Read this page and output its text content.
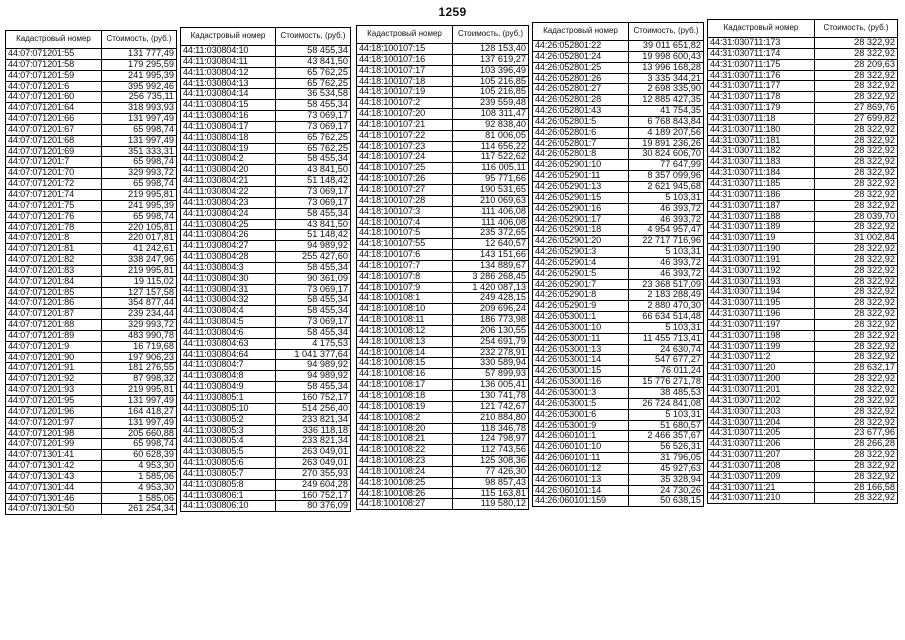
1259
Кадастровый номер	Стоимость, (руб.)
44:07:071201:55	131 777,49
44:07:071201:58	179 295,59
44:07:071201:59	241 995,39
44:07:071201:6	395 992,46
44:07:071201:60	256 735,11
44:07:071201:64	318 993,93
44:07:071201:66	131 997,49
44:07:071201:67	65 998,74
44:07:071201:68	131 997,49
44:07:071201:69	351 333,31
44:07:071201:7	65 998,74
44:07:071201:70	329 993,72
44:07:071201:72	65 998,74
44:07:071201:74	219 995,81
44:07:071201:75	241 995,39
44:07:071201:76	65 998,74
44:07:071201:78	220 105,81
44:07:071201:8	220 017,81
44:07:071201:81	41 242,61
44:07:071201:82	338 247,96
44:07:071201:83	219 995,81
44:07:071201:84	19 115,02
44:07:071201:85	127 157,58
44:07:071201:86	354 877,44
44:07:071201:87	239 234,44
44:07:071201:88	329 993,72
44:07:071201:89	483 990,78
44:07:071201:9	16 719,68
44:07:071201:90	197 906,23
44:07:071201:91	181 276,55
44:07:071201:92	87 998,32
44:07:071201:93	219 995,81
44:07:071201:95	131 997,49
44:07:071201:96	164 418,27
44:07:071201:97	131 997,49
44:07:071201:98	205 660,88
44:07:071201:99	65 998,74
44:07:071301:41	60 628,39
44:07:071301:42	4 953,30
44:07:071301:43	1 585,06
44:07:071301:44	4 953,30
44:07:071301:46	1 585,06
44:07:071301:50	261 254,34
Кадастровый номер	Стоимость, (руб.)
44:11:030804:10	58 455,34
44:11:030804:11	43 841,50
44:11:030804:12	65 762,25
44:11:030804:13	65 762,25
44:11:030804:14	36 534,58
44:11:030804:15	58 455,34
44:11:030804:16	73 069,17
44:11:030804:17	73 069,17
44:11:030804:18	65 762,25
44:11:030804:19	65 762,25
44:11:030804:2	58 455,34
44:11:030804:20	43 841,50
44:11:030804:21	51 148,42
44:11:030804:22	73 069,17
44:11:030804:23	73 069,17
44:11:030804:24	58 455,34
44:11:030804:25	43 841,50
44:11:030804:26	51 148,42
44:11:030804:27	94 989,92
44:11:030804:28	255 427,60
44:11:030804:3	58 455,34
44:11:030804:30	90 361,09
44:11:030804:31	73 069,17
44:11:030804:32	58 455,34
44:11:030804:4	58 455,34
44:11:030804:5	73 069,17
44:11:030804:6	58 455,34
44:11:030804:63	4 175,53
44:11:030804:64	1 041 377,64
44:11:030804:7	94 989,92
44:11:030804:8	94 989,92
44:11:030804:9	58 455,34
44:11:030805:1	160 752,17
44:11:030805:10	514 256,40
44:11:030805:2	233 821,34
44:11:030805:3	336 118,18
44:11:030805:4	233 821,34
44:11:030805:5	263 049,01
44:11:030805:6	263 049,01
44:11:030805:7	270 355,93
44:11:030805:8	249 604,28
44:11:030806:1	160 752,17
44:11:030806:10	80 376,09
Кадастровый номер	Стоимость, (руб.)
44:18:100107:15	128 153,40
44:18:100107:16	137 619,27
44:18:100107:17	103 396,49
44:18:100107:18	105 216,85
44:18:100107:19	105 216,85
44:18:100107:2	239 559,48
44:18:100107:20	108 311,47
44:18:100107:21	92 838,40
44:18:100107:22	81 006,05
44:18:100107:23	114 656,22
44:18:100107:24	117 522,62
44:18:100107:25	116 005,11
44:18:100107:26	95 771,66
44:18:100107:27	190 531,65
44:18:100107:28	210 069,63
44:18:100107:3	111 406,08
44:18:100107:4	111 406,08
44:18:100107:5	235 372,65
44:18:100107:55	12 640,57
44:18:100107:6	143 151,66
44:18:100107:7	134 889,67
44:18:100107:8	3 286 268,45
44:18:100107:9	1 420 087,13
44:18:100108:1	249 428,15
44:18:100108:10	209 696,24
44:18:100108:11	186 773,98
44:18:100108:12	206 130,55
44:18:100108:13	254 691,79
44:18:100108:14	232 278,91
44:18:100108:15	330 589,94
44:18:100108:16	57 899,93
44:18:100108:17	136 005,41
44:18:100108:18	130 741,78
44:18:100108:19	121 742,67
44:18:100108:2	210 884,80
44:18:100108:20	118 346,78
44:18:100108:21	124 798,97
44:18:100108:22	112 743,56
44:18:100108:23	125 308,36
44:18:100108:24	77 426,30
44:18:100108:25	98 857,43
44:18:100108:26	115 163,81
44:18:100108:27	119 580,12
Кадастровый номер	Стоимость, (руб.)
44:26:052801:22	39 011 651,82
44:26:052801:24	19 998 600,43
44:26:052801:25	13 996 168,28
44:26:052801:26	3 335 344,21
44:26:052801:27	2 698 335,90
44:26:052801:28	12 885 427,35
44:26:052801:43	41 754,35
44:26:052801:5	6 768 843,84
44:26:052801:6	4 189 207,56
44:26:052801:7	19 891 236,26
44:26:052801:8	30 824 606,70
44:26:052901:10	77 647,99
44:26:052901:11	8 357 099,96
44:26:052901:13	2 621 945,68
44:26:052901:15	5 103,31
44:26:052901:16	46 393,72
44:26:052901:17	46 393,72
44:26:052901:18	4 954 957,47
44:26:052901:20	22 717 716,96
44:26:052901:3	5 103,31
44:26:052901:4	46 393,72
44:26:052901:5	46 393,72
44:26:052901:7	23 368 517,09
44:26:052901:8	2 183 288,49
44:26:052901:9	2 880 470,30
44:26:053001:1	66 634 514,48
44:26:053001:10	5 103,31
44:26:053001:11	11 455 713,41
44:26:053001:13	24 630,74
44:26:053001:14	547 677,27
44:26:053001:15	76 011,24
44:26:053001:16	15 776 271,78
44:26:053001:3	38 485,53
44:26:053001:5	26 724 841,08
44:26:053001:6	5 103,31
44:26:053001:9	51 680,57
44:26:060101:1	2 466 357,67
44:26:060101:10	56 526,31
44:26:060101:11	31 796,05
44:26:060101:12	45 927,63
44:26:060101:13	35 328,94
44:26:060101:14	24 730,26
44:26:060101:159	50 638,15
Кадастровый номер	Стоимость, (руб.)
44:31:030711:173	28 322,92
44:31:030711:174	28 322,92
44:31:030711:175	28 209,63
44:31:030711:176	28 322,92
44:31:030711:177	28 322,92
44:31:030711:178	28 322,92
44:31:030711:179	27 869,76
44:31:030711:18	27 699,82
44:31:030711:180	28 322,92
44:31:030711:181	28 322,92
44:31:030711:182	28 322,92
44:31:030711:183	28 322,92
44:31:030711:184	28 322,92
44:31:030711:185	28 322,92
44:31:030711:186	28 322,92
44:31:030711:187	28 322,92
44:31:030711:188	28 039,70
44:31:030711:189	28 322,92
44:31:030711:19	31 002,84
44:31:030711:190	28 322,92
44:31:030711:191	28 322,92
44:31:030711:192	28 322,92
44:31:030711:193	28 322,92
44:31:030711:194	28 322,92
44:31:030711:195	28 322,92
44:31:030711:196	28 322,92
44:31:030711:197	28 322,92
44:31:030711:198	28 322,92
44:31:030711:199	28 322,92
44:31:030711:2	28 322,92
44:31:030711:20	28 632,17
44:31:030711:200	28 322,92
44:31:030711:201	28 322,92
44:31:030711:202	28 322,92
44:31:030711:203	28 322,92
44:31:030711:204	28 322,92
44:31:030711:205	23 677,96
44:31:030711:206	28 266,28
44:31:030711:207	28 322,92
44:31:030711:208	28 322,92
44:31:030711:209	28 322,92
44:31:030711:21	28 166,58
44:31:030711:210	28 322,92
